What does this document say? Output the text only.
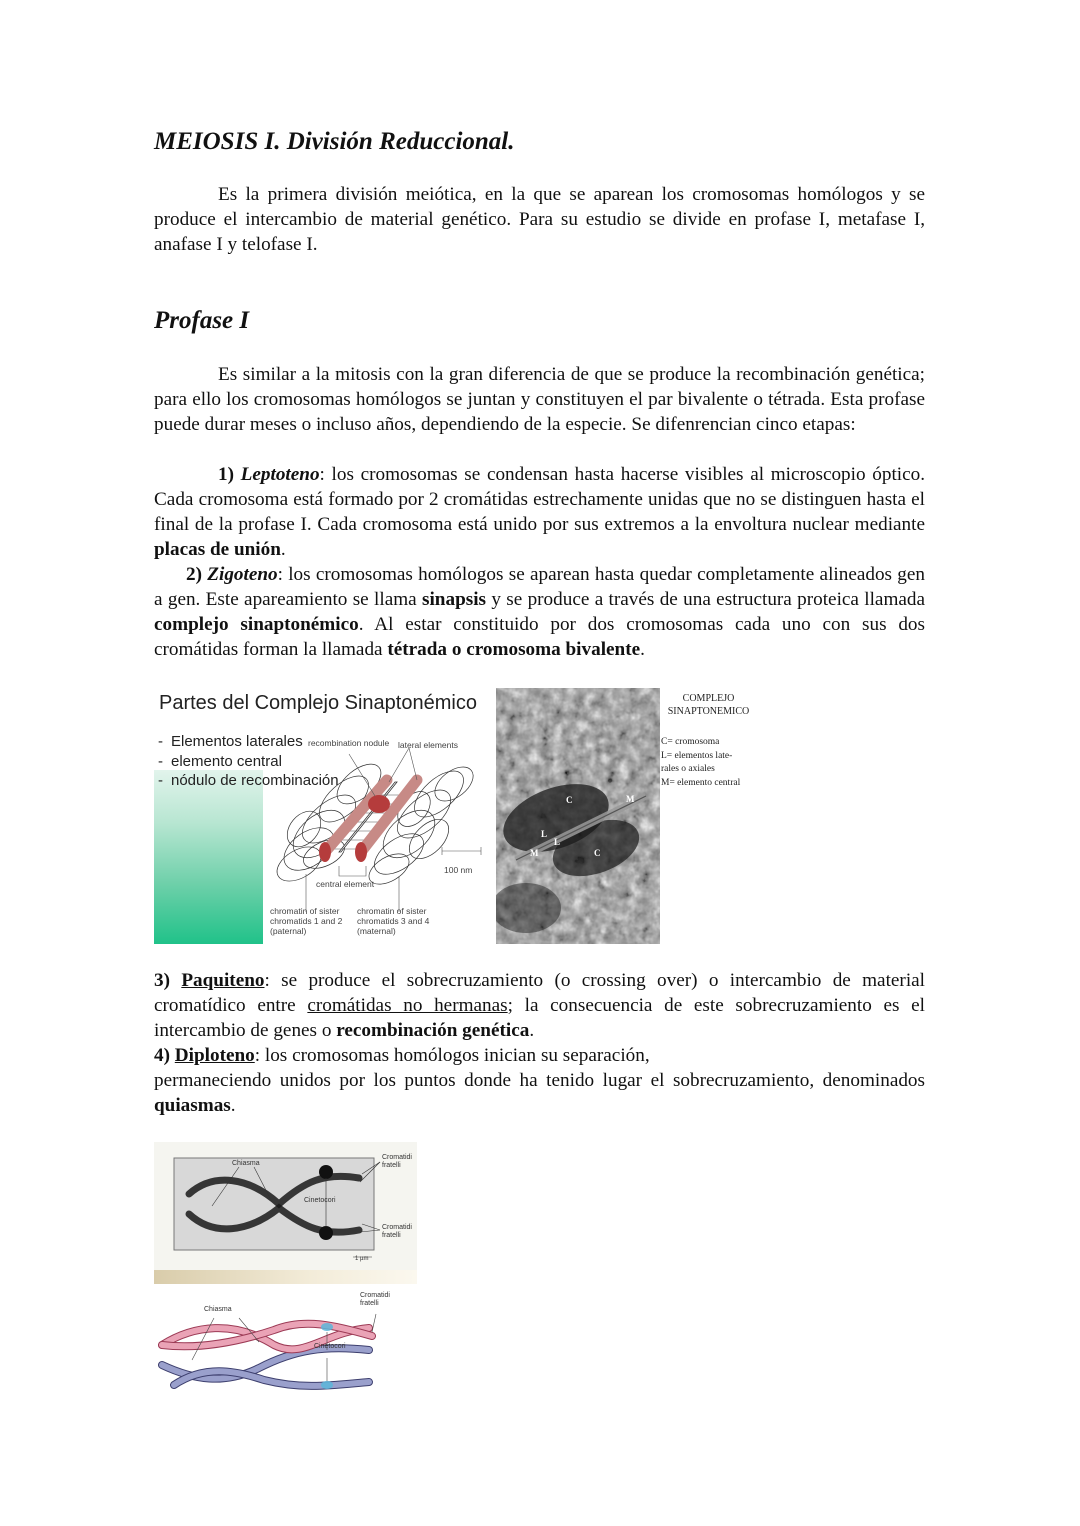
MEIOSIS I. División Reduccional.

Es la primera división meiótica, en la que se aparean los cromosomas homólogos y se produce el intercambio de material genético. Para su estudio se divide en profase I, metafase I, anafase I y telofase I.

Profase I

Es similar a la mitosis con la gran diferencia de que se produce la recombinación genética; para ello los cromosomas homólogos se juntan y constituyen el par bivalente o tétrada. Esta profase puede durar meses o incluso años, dependiendo de la especie. Se difenrencian cinco etapas:

1) Leptoteno: los cromosomas se condensan hasta hacerse visibles al microscopio óptico. Cada cromosoma está formado por 2 cromátidas estrechamente unidas que no se distinguen hasta el final de la profase I. Cada cromosoma está unido por sus extremos a la envoltura nuclear mediante placas de unión.

2) Zigoteno: los cromosomas homólogos se aparean hasta quedar completamente alineados gen a gen. Este apareamiento se llama sinapsis y se produce a través de una estructura proteica llamada complejo sinaptonémico. Al estar constituido por dos cromosomas cada uno con sus dos cromátidas forman la llamada tétrada o cromosoma bivalente.

3) Paquiteno: se produce el sobrecruzamiento (o crossing over) o intercambio de material cromatídico entre cromátidas no hermanas; la consecuencia de este sobrecruzamiento es el intercambio de genes o recombinación genética.
4) Diploteno: los cromosomas homólogos inician su separación,
permaneciendo unidos por los puntos donde ha tenido lugar el sobrecruzamiento, denominados quiasmas.
Partes del Complejo Sinaptonémico
- Elementos laterales
- elemento central
- nódulo de recombinación
recombination nodule lateral elements
central element
100 nm
chromatin of sister chromatids 1 and 2 (paternal)
chromatin of sister chromatids 3 and 4 (maternal)
C
C
L
L
M
M
COMPLEJO SINAPTONEMICO
C= cromosoma
L= elementos late-
rales o axiales
M= elemento central
Chiasma
Cinetocori
Cromatidi fratelli
Cromatidi fratelli
1 µm
Chiasma
Cinetocori
Cromatidi fratelli
